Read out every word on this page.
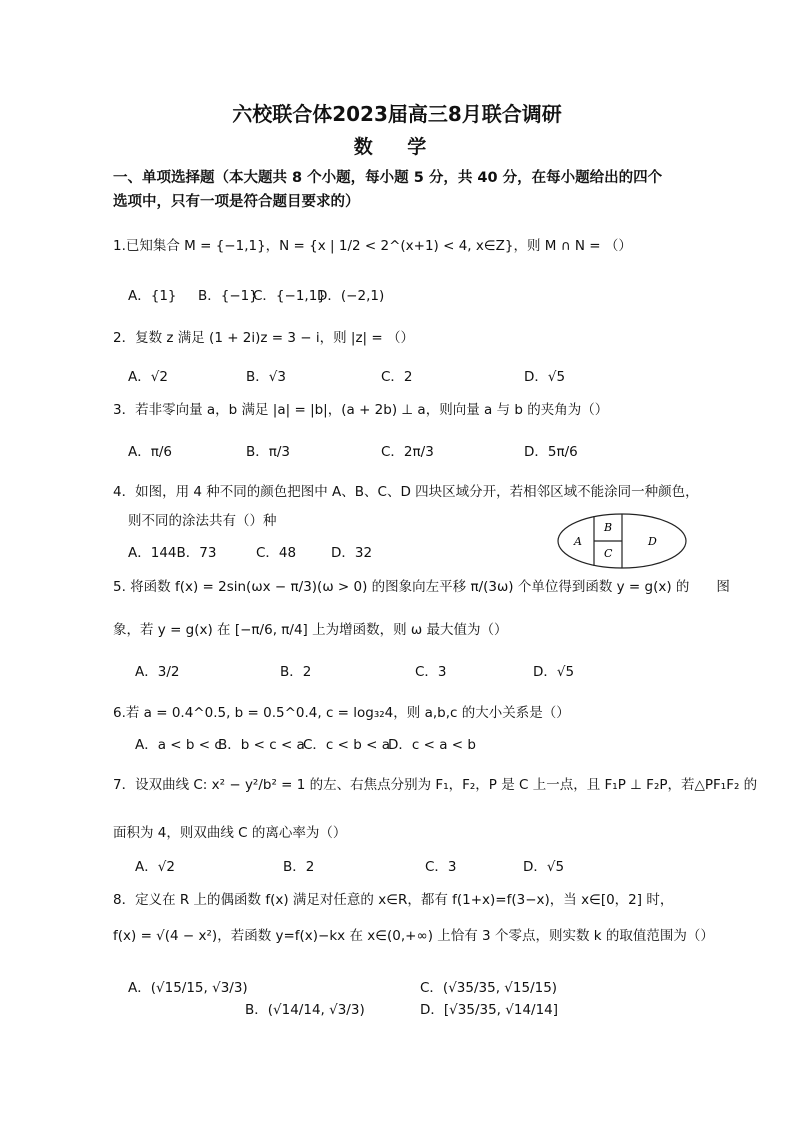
六校联合体2023届高三8月联合调研
数 学
一、单项选择题（本大题共 8 个小题，每小题 5 分，共 40 分，在每小题给出的四个
选项中，只有一项是符合题目要求的）
1.已知集合 M = {−1,1}，N = {x | 1/2 < 2^(x+1) < 4, x∈Z}，则 M ∩ N = （）
A．{1} B．{−1}
C．{−1,1}
D．(−2,1)
2．复数 z 满足 (1 + 2i)z = 3 − i，则 |z| = （）
A．√2	B．√3	C．2	D．√5
3．若非零向量 a，b 满足 |a| = |b|，(a + 2b) ⊥ a，则向量 a 与 b 的夹角为（）
A．π/6	B．π/3	C．2π/3	D．5π/6
4．如图，用 4 种不同的颜色把图中 A、B、C、D 四块区域分开，若相邻区域不能涂同一种颜色，
则不同的涂法共有（）种
A．144B．73	C．48	D．32
A
B
C
D
5. 将函数 f(x) = 2sin(ωx − π/3)(ω > 0) 的图象向左平移 π/(3ω) 个单位得到函数 y = g(x) 的　　图
象，若 y = g(x) 在 [−π/6, π/4] 上为增函数，则 ω 最大值为（）
A．3/2	B．2	C．3	D．√5
6.若 a = 0.4^0.5, b = 0.5^0.4, c = log₃₂4，则 a,b,c 的大小关系是（）
A．a < b < c
B．b < c < a
C．c < b < a
D．c < a < b
7．设双曲线 C: x² − y²/b² = 1 的左、右焦点分别为 F₁，F₂，P 是 C 上一点，且 F₁P ⊥ F₂P，若△PF₁F₂ 的
面积为 4，则双曲线 C 的离心率为（）
A．√2	B．2	C．3	D．√5
8．定义在 R 上的偶函数 f(x) 满足对任意的 x∈R，都有 f(1+x)=f(3−x)，当 x∈[0，2] 时，
f(x) = √(4 − x²)，若函数 y=f(x)−kx 在 x∈(0,+∞) 上恰有 3 个零点，则实数 k 的取值范围为（）
A．(√15/15, √3/3)
B．(√14/14, √3/3)
C．(√35/35, √15/15)
D．[√35/35, √14/14]
